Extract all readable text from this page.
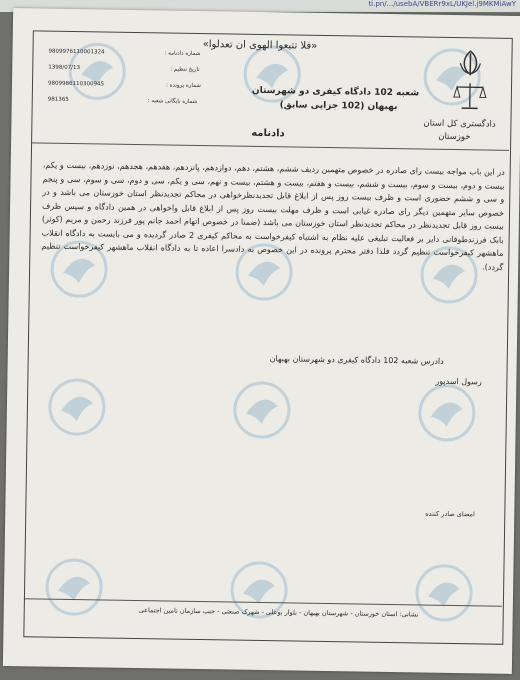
ti.pn/.../usebA/VBERr9xL/UKJel.j9MKMiAwY
«فلا تتبعوا الهوی ان تعدلوا»
دادگستری کل استان
خوزستان
شعبه 102 دادگاه کیفری دو شهرستان
بهبهان (102 جزایی سابق)
شماره دادنامه :
9809976110001324
تاریخ تنظیم :
1398/07/13
شماره پرونده :
9809986110300945
شماره بایگانی شعبه :
981365
دادنامه
در این باب مواجه بیست رای صادره در خصوص متهمین ردیف ششم، هشتم، دهم، دوازدهم، پانزدهم، هفدهم، هجدهم، نوزدهم، بیست و یکم، بیست و دوم، بیست و سوم، بیست و ششم، بیست و هفتم، بیست و هشتم، بیست و نهم، سی و یکم، سی و دوم، سی و سوم، سی و پنجم و سی و ششم حضوری است و ظرف بیست روز پس از ابلاغ قابل تجدیدنظرخواهی در محاکم تجدیدنظر استان خوزستان می باشد و در خصوص سایر متهمین دیگر رای صادره غیابی است و ظرف مهلت بیست روز پس از ابلاغ قابل واخواهی در همین دادگاه و سپس ظرف بیست روز قابل تجدیدنظر در محاکم تجدیدنظر استان خوزستان می باشد (ضمنا در خصوص اتهام احمد جانم پور فرزند رحمن و مریم (کوثر) بابک فرزندطوفانی دایر بر فعالیت تبلیغی علیه نظام به اشتباه کیفرخواست به محاکم کیفری 2 صادر گردیده و می بایست به دادگاه انقلاب ماهشهر کیفرخواست تنظیم گردد فلذا دفتر محترم پرونده در این خصوص به دادسرا اعاده تا به دادگاه انقلاب ماهشهر کیفرخواست تنظیم گردد).
دادرس شعبه 102 دادگاه کیفری دو شهرستان بهبهان
رسول اسدپور
امضای صادر کننده
نشانی: استان خوزستان - شهرستان بهبهان - بلوار بوعلی - شهرک صنعتی - جنب سازمان تامین اجتماعی
